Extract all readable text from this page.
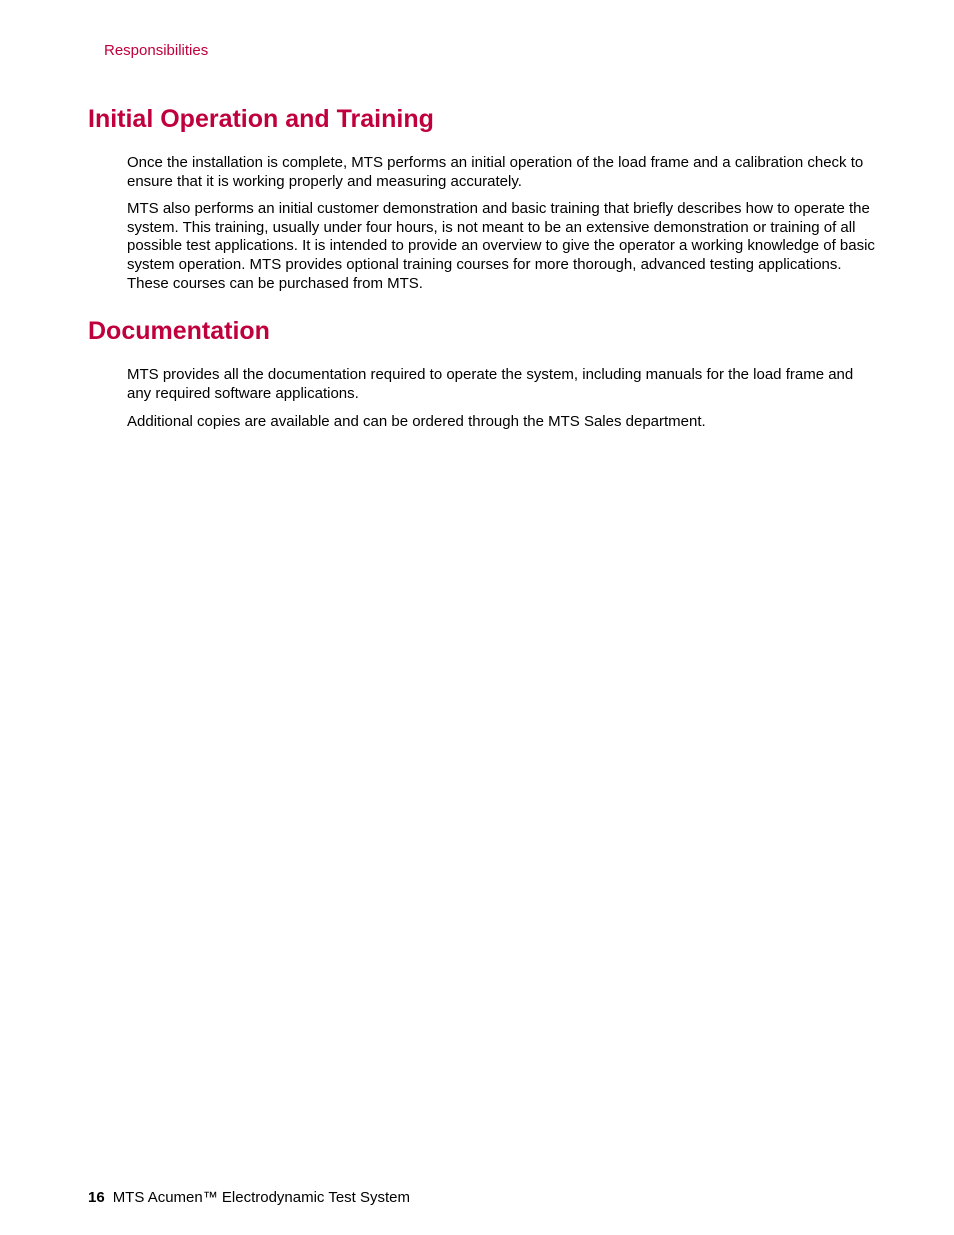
Responsibilities
Initial Operation and Training

Once the installation is complete, MTS performs an initial operation of the load frame and a calibration check to ensure that it is working properly and measuring accurately.

MTS also performs an initial customer demonstration and basic training that briefly describes how to operate the system. This training, usually under four hours, is not meant to be an extensive demonstration or training of all possible test applications. It is intended to provide an overview to give the operator a working knowledge of basic system operation. MTS provides optional training courses for more thorough, advanced testing applications. These courses can be purchased from MTS.

Documentation

MTS provides all the documentation required to operate the system, including manuals for the load frame and any required software applications.

Additional copies are available and can be ordered through the MTS Sales department.

16 MTS Acumen™ Electrodynamic Test System
